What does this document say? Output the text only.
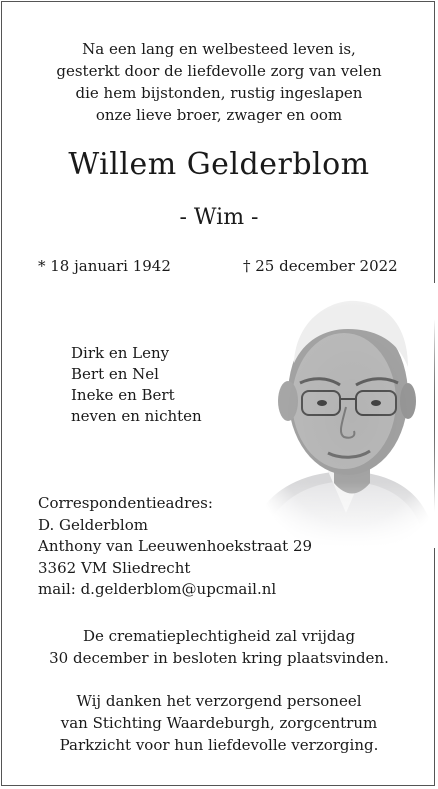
Na een lang en welbesteed leven is,
gesterkt door de liefdevolle zorg van velen
die hem bijstonden, rustig ingeslapen
onze lieve broer, zwager en oom
Willem Gelderblom
- Wim -
* 18 januari 1942	† 25 december 2022
Dirk en Leny
Bert en Nel
Ineke en Bert
neven en nichten
Correspondentieadres:
D. Gelderblom
Anthony van Leeuwenhoekstraat 29
3362 VM Sliedrecht
mail: d.gelderblom@upcmail.nl
De crematieplechtigheid zal vrijdag
30 december in besloten kring plaatsvinden.
Wij danken het verzorgend personeel
van Stichting Waardeburgh, zorgcentrum
Parkzicht voor hun liefdevolle verzorging.
